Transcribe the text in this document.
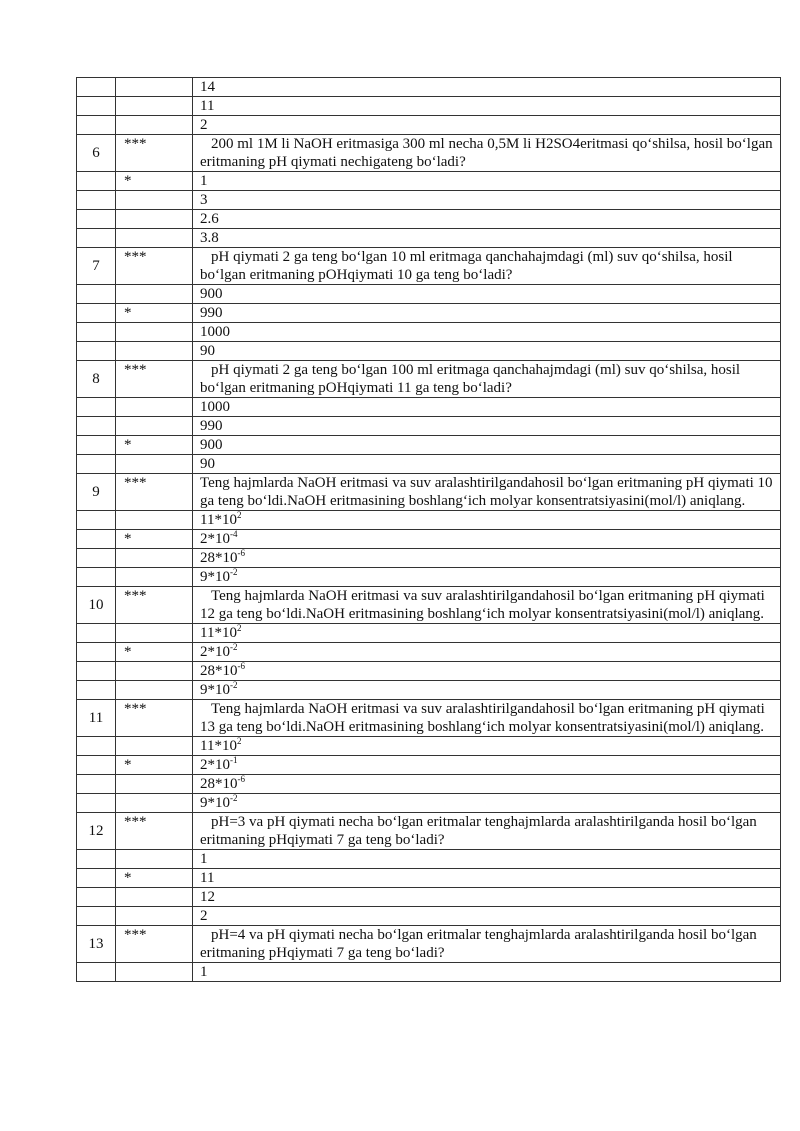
		14
		11
		2
6	***	200 ml 1M li NaOH eritmasiga 300 ml necha 0,5M li H2SO4eritmasi qo‘shilsa, hosil bo‘lgan eritmaning pH qiymati nechigateng bo‘ladi?
	*	1
		3
		2.6
		3.8
7	***	pH qiymati 2 ga teng bo‘lgan 10 ml eritmaga qanchahajmdagi (ml) suv qo‘shilsa, hosil bo‘lgan eritmaning pOHqiymati 10 ga teng bo‘ladi?
		900
	*	990
		1000
		90
8	***	pH qiymati 2 ga teng bo‘lgan 100 ml eritmaga qanchahajmdagi (ml) suv qo‘shilsa, hosil bo‘lgan eritmaning pOHqiymati 11 ga teng bo‘ladi?
		1000
		990
	*	900
		90
9	***	Teng hajmlarda NaOH eritmasi va suv aralashtirilgandahosil bo‘lgan eritmaning pH qiymati 10 ga teng bo‘ldi.NaOH eritmasining boshlang‘ich molyar konsentratsiyasini(mol/l) aniqlang.
		$11*10^2$
	*	$2*10^{-4}$
		$28*10^{-6}$
		$9*10^{-2}$
10	***	Teng hajmlarda NaOH eritmasi va suv aralashtirilgandahosil bo‘lgan eritmaning pH qiymati 12 ga teng bo‘ldi.NaOH eritmasining boshlang‘ich molyar konsentratsiyasini(mol/l) aniqlang.
		$11*10^2$
	*	$2*10^{-2}$
		$28*10^{-6}$
		$9*10^{-2}$
11	***	Teng hajmlarda NaOH eritmasi va suv aralashtirilgandahosil bo‘lgan eritmaning pH qiymati 13 ga teng bo‘ldi.NaOH eritmasining boshlang‘ich molyar konsentratsiyasini(mol/l) aniqlang.
		$11*10^2$
	*	$2*10^{-1}$
		$28*10^{-6}$
		$9*10^{-2}$
12	***	pH=3 va pH qiymati necha bo‘lgan eritmalar tenghajmlarda aralashtirilganda hosil bo‘lgan eritmaning pHqiymati 7 ga teng bo‘ladi?
		1
	*	11
		12
		2
13	***	pH=4 va pH qiymati necha bo‘lgan eritmalar tenghajmlarda aralashtirilganda hosil bo‘lgan eritmaning pHqiymati 7 ga teng bo‘ladi?
		1
